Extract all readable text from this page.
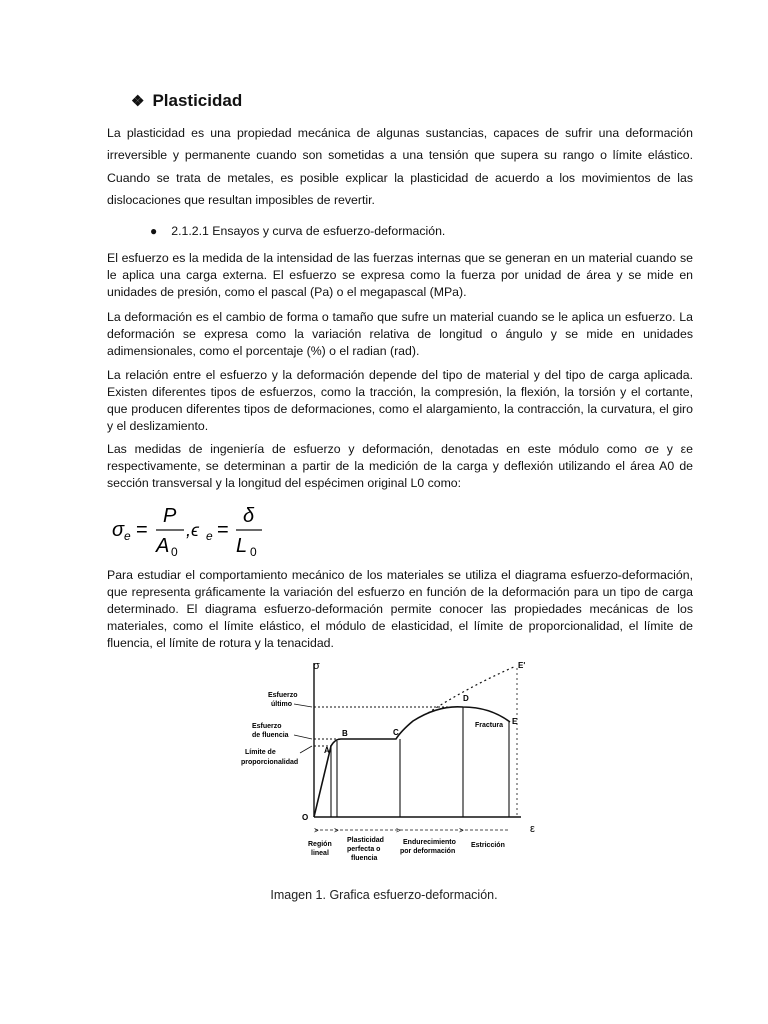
❖ Plasticidad

La plasticidad es una propiedad mecánica de algunas sustancias, capaces de sufrir una deformación irreversible y permanente cuando son sometidas a una tensión que supera su rango o límite elástico. Cuando se trata de metales, es posible explicar la plasticidad de acuerdo a los movimientos de las dislocaciones que resultan imposibles de revertir.

● 2.1.2.1 Ensayos y curva de esfuerzo-deformación.

El esfuerzo es la medida de la intensidad de las fuerzas internas que se generan en un material cuando se le aplica una carga externa. El esfuerzo se expresa como la fuerza por unidad de área y se mide en unidades de presión, como el pascal (Pa) o el megapascal (MPa).

La deformación es el cambio de forma o tamaño que sufre un material cuando se le aplica un esfuerzo. La deformación se expresa como la variación relativa de longitud o ángulo y se mide en unidades adimensionales, como el porcentaje (%) o el radian (rad).

La relación entre el esfuerzo y la deformación depende del tipo de material y del tipo de carga aplicada. Existen diferentes tipos de esfuerzos, como la tracción, la compresión, la flexión, la torsión y el cortante, que producen diferentes tipos de deformaciones, como el alargamiento, la contracción, la curvatura, el giro y el deslizamiento.

Las medidas de ingeniería de esfuerzo y deformación, denotadas en este módulo como σe y εe respectivamente, se determinan a partir de la medición de la carga y deflexión utilizando el área A0 de sección transversal y la longitud del espécimen original L0 como:

σ e =
P
A 0
,ϵ e =
δ
L 0

Para estudiar el comportamiento mecánico de los materiales se utiliza el diagrama esfuerzo-deformación, que representa gráficamente la variación del esfuerzo en función de la deformación para un tipo de carga determinado. El diagrama esfuerzo-deformación permite conocer las propiedades mecánicas de los materiales, como el límite elástico, el módulo de elasticidad, el límite de proporcionalidad, el límite de fluencia, el límite de rotura y la tenacidad.

σ
ε
O
> >	>	>
A
B	C
D
E
E'
Fractura
Esfuerzo
último
Esfuerzo
de fluencia
Límite de
proporcionalidad
Región
lineal
Plasticidad
perfecta o
fluencia
Endurecimiento
por deformación
Estricción
Imagen 1. Grafica esfuerzo-deformación.
